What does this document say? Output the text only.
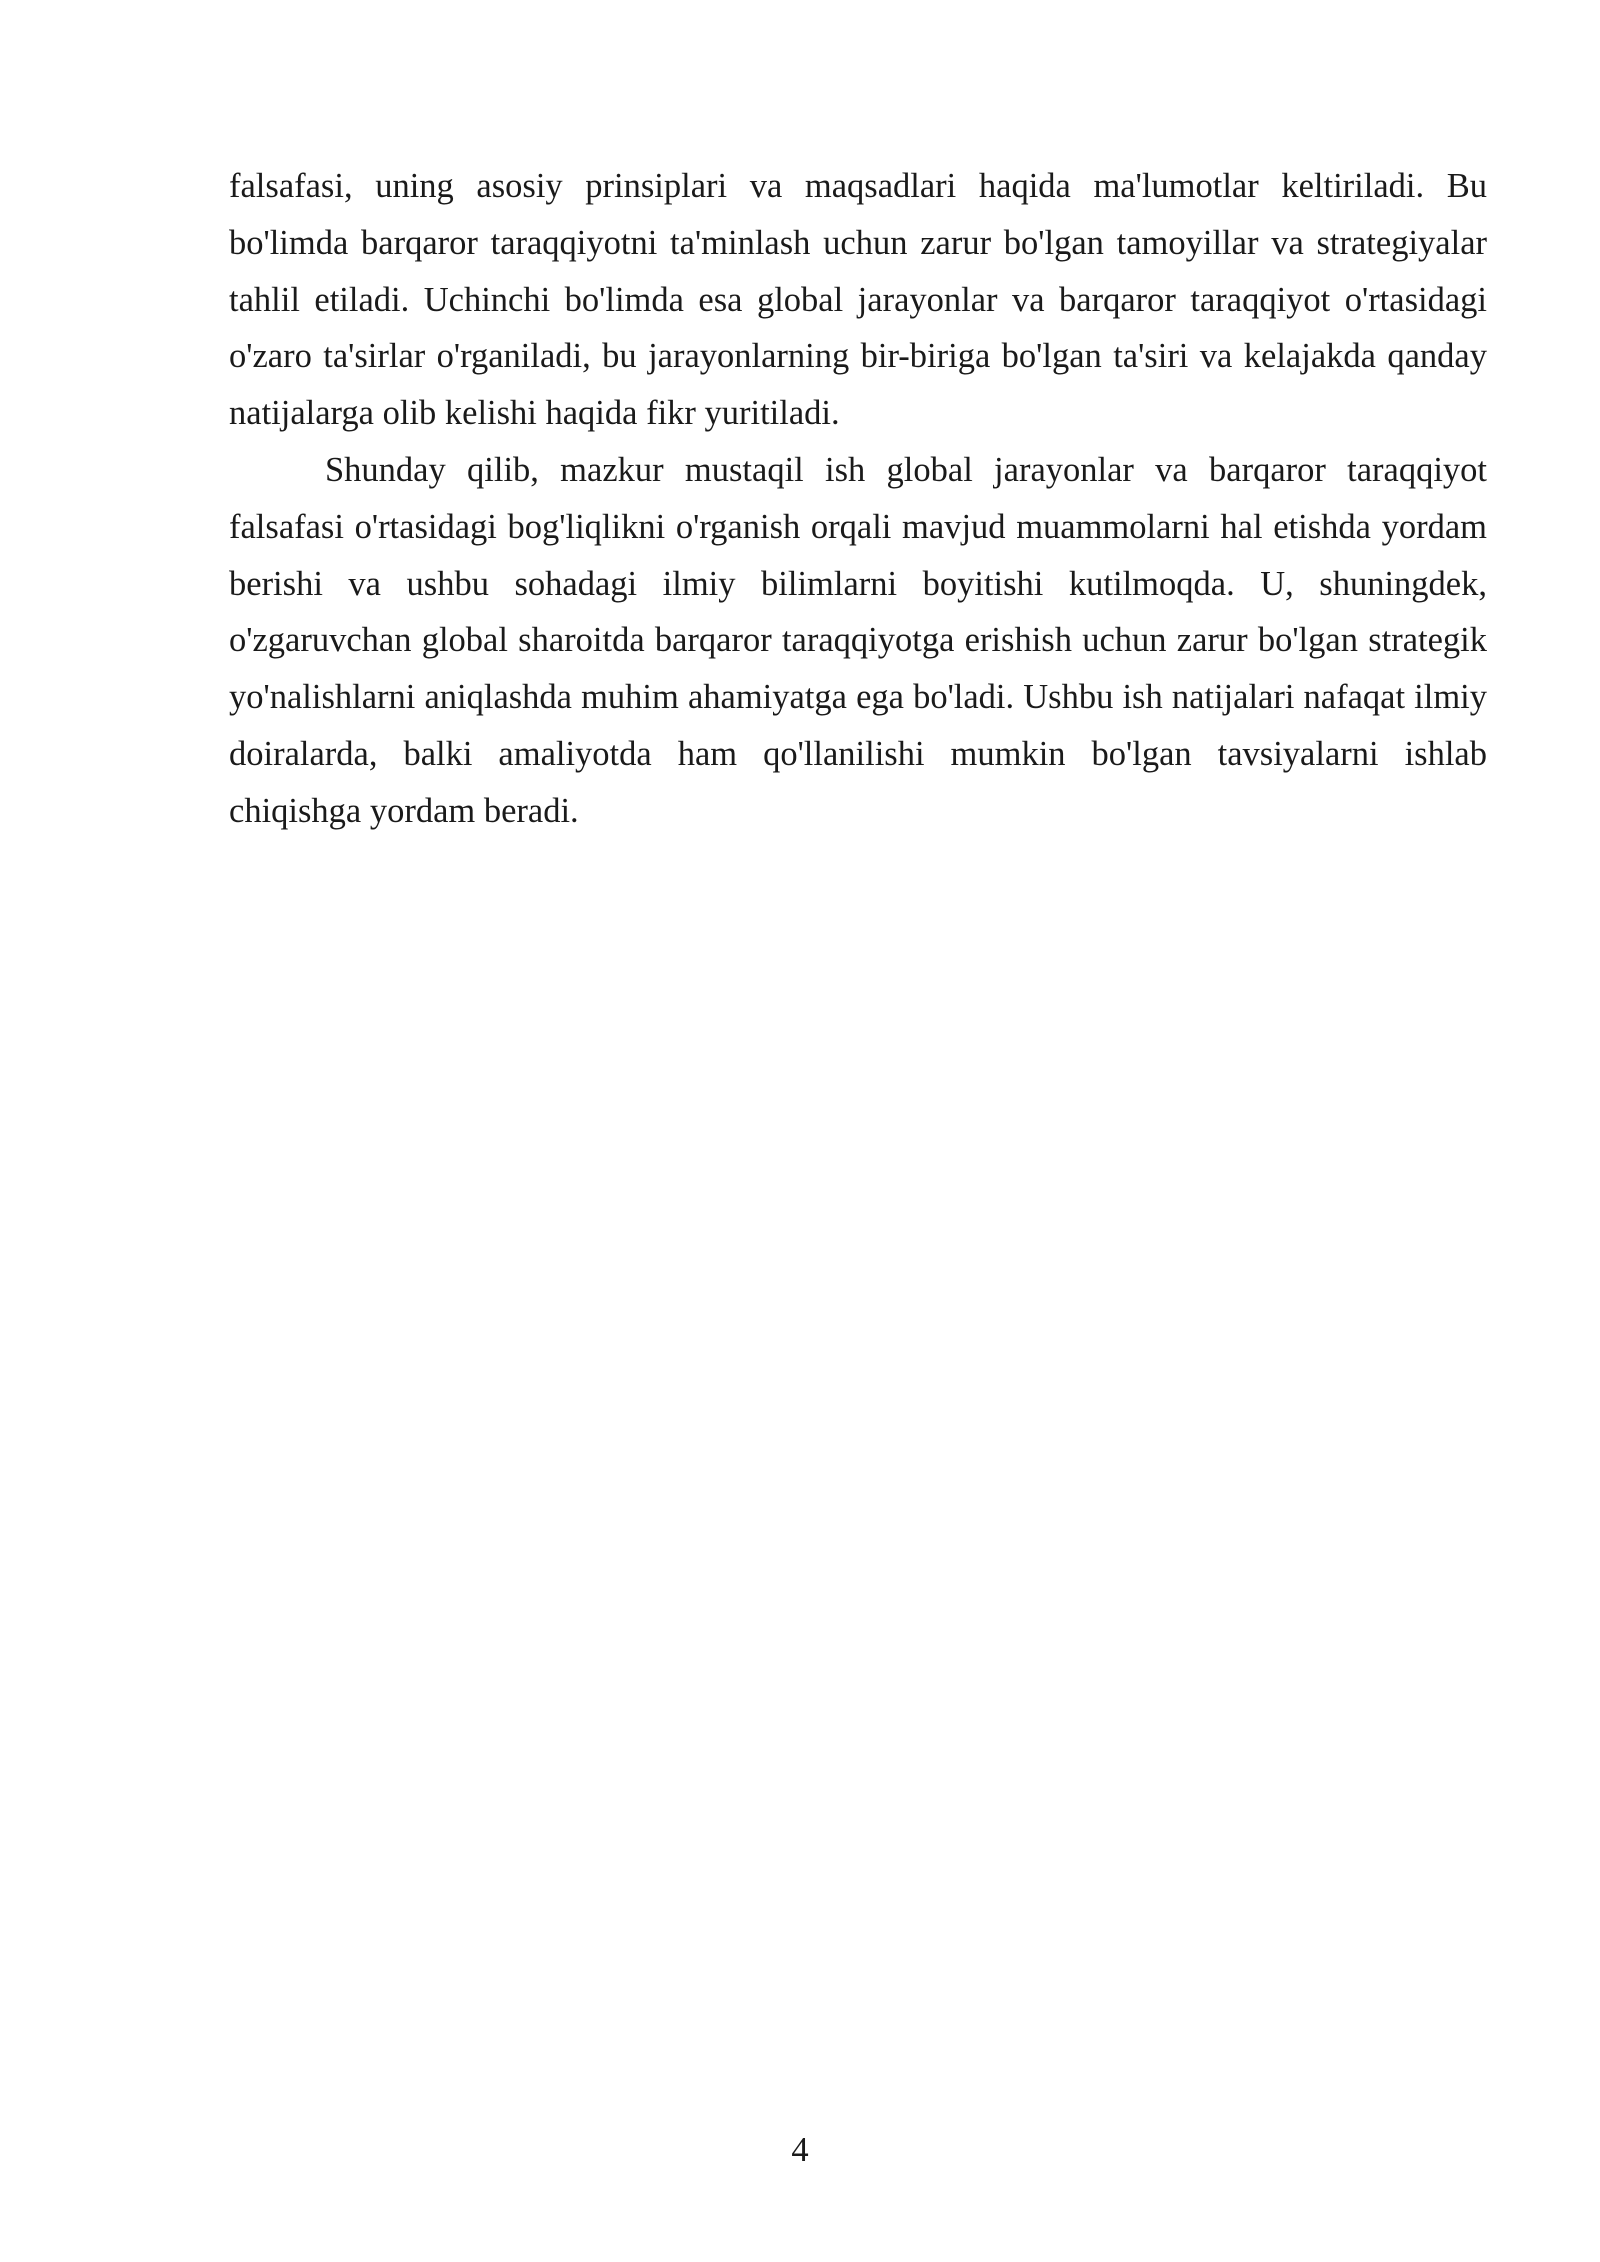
falsafasi, uning asosiy prinsiplari va maqsadlari haqida ma'lumotlar keltiriladi. Bu bo'limda barqaror taraqqiyotni ta'minlash uchun zarur bo'lgan tamoyillar va strategiyalar tahlil etiladi. Uchinchi bo'limda esa global jarayonlar va barqaror taraqqiyot o'rtasidagi o'zaro ta'sirlar o'rganiladi, bu jarayonlarning bir-biriga bo'lgan ta'siri va kelajakda qanday natijalarga olib kelishi haqida fikr yuritiladi.

Shunday qilib, mazkur mustaqil ish global jarayonlar va barqaror taraqqiyot falsafasi o'rtasidagi bog'liqlikni o'rganish orqali mavjud muammolarni hal etishda yordam berishi va ushbu sohadagi ilmiy bilimlarni boyitishi kutilmoqda. U, shuningdek, o'zgaruvchan global sharoitda barqaror taraqqiyotga erishish uchun zarur bo'lgan strategik yo'nalishlarni aniqlashda muhim ahamiyatga ega bo'ladi. Ushbu ish natijalari nafaqat ilmiy doiralarda, balki amaliyotda ham qo'llanilishi mumkin bo'lgan tavsiyalarni ishlab chiqishga yordam beradi.

4
